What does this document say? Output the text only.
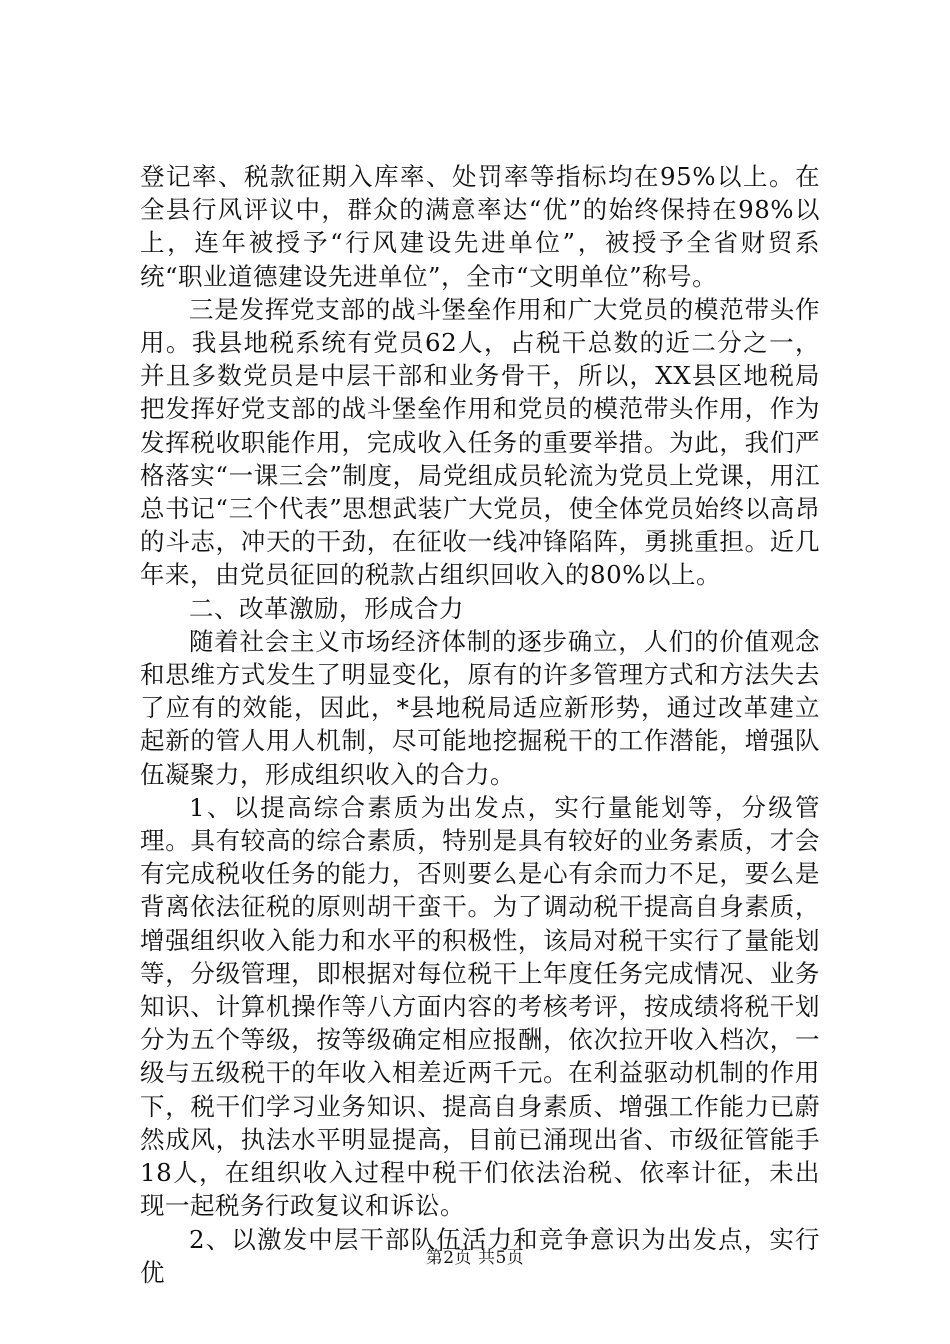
登记率、税款征期入库率、处罚率等指标均在95%以上。在全县行风评议中，群众的满意率达“优”的始终保持在98%以上，连年被授予“行风建设先进单位”，被授予全省财贸系统“职业道德建设先进单位”，全市“文明单位”称号。

三是发挥党支部的战斗堡垒作用和广大党员的模范带头作用。我县地税系统有党员62人，占税干总数的近二分之一，并且多数党员是中层干部和业务骨干，所以，XX县区地税局把发挥好党支部的战斗堡垒作用和党员的模范带头作用，作为发挥税收职能作用，完成收入任务的重要举措。为此，我们严格落实“一课三会”制度，局党组成员轮流为党员上党课，用江总书记“三个代表”思想武装广大党员，使全体党员始终以高昂的斗志，冲天的干劲，在征收一线冲锋陷阵，勇挑重担。近几年来，由党员征回的税款占组织回收入的80%以上。

二、改革激励，形成合力

随着社会主义市场经济体制的逐步确立，人们的价值观念和思维方式发生了明显变化，原有的许多管理方式和方法失去了应有的效能，因此，*县地税局适应新形势，通过改革建立起新的管人用人机制，尽可能地挖掘税干的工作潜能，增强队伍凝聚力，形成组织收入的合力。

1、以提高综合素质为出发点，实行量能划等，分级管理。具有较高的综合素质，特别是具有较好的业务素质，才会有完成税收任务的能力，否则要么是心有余而力不足，要么是背离依法征税的原则胡干蛮干。为了调动税干提高自身素质，增强组织收入能力和水平的积极性，该局对税干实行了量能划等，分级管理，即根据对每位税干上年度任务完成情况、业务知识、计算机操作等八方面内容的考核考评，按成绩将税干划分为五个等级，按等级确定相应报酬，依次拉开收入档次，一级与五级税干的年收入相差近两千元。在利益驱动机制的作用下，税干们学习业务知识、提高自身素质、增强工作能力已蔚然成风，执法水平明显提高，目前已涌现出省、市级征管能手18人，在组织收入过程中税干们依法治税、依率计征，未出现一起税务行政复议和诉讼。

2、以激发中层干部队伍活力和竞争意识为出发点，实行优	第2页 共5页
